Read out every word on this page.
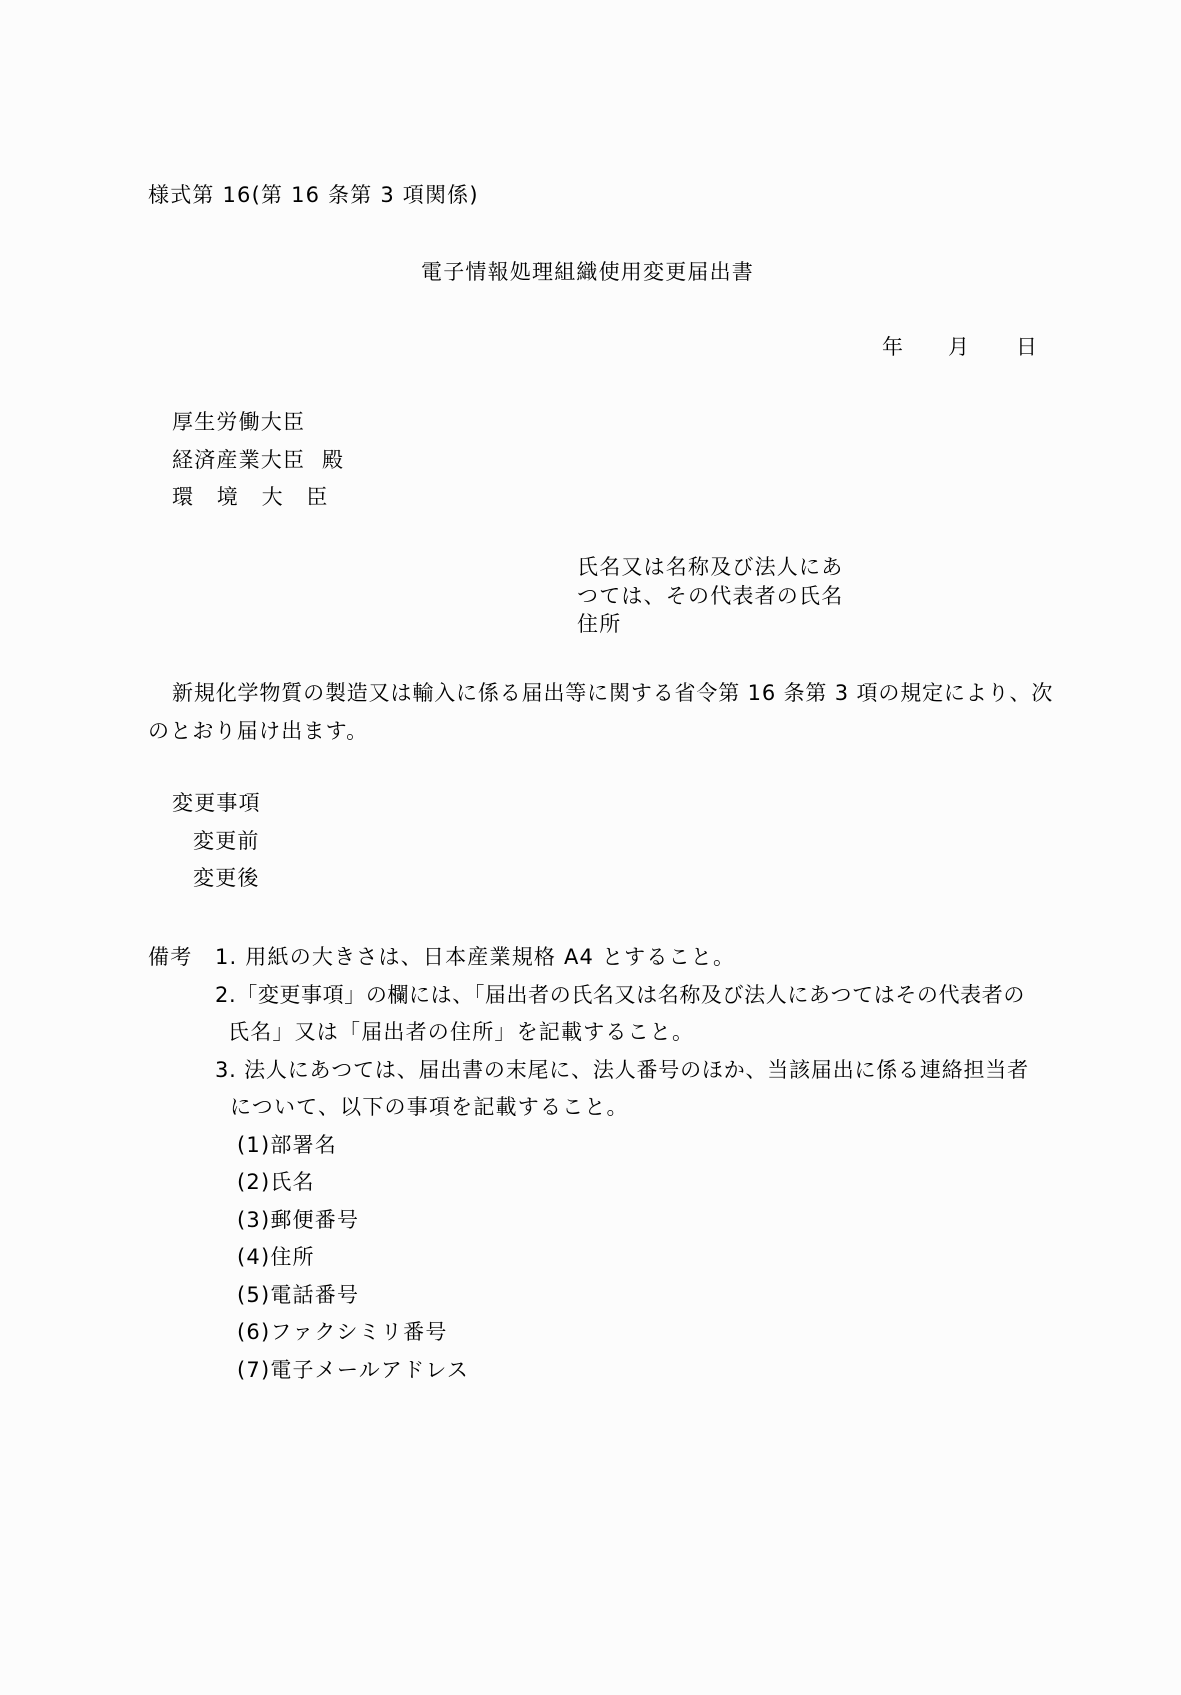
様式第 16(第 16 条第 3 項関係)
電子情報処理組織使用変更届出書
年 月 日
厚生労働大臣
経済産業大臣 殿
環　境　大　臣
氏名又は名称及び法人にあ
つては、その代表者の氏名
住所
新規化学物質の製造又は輸入に係る届出等に関する省令第 16 条第 3 項の規定により、次
のとおり届け出ます。
変更事項
変更前
変更後
備考 1. 用紙の大きさは、日本産業規格 A4 とすること。
2.「変更事項」の欄には、「届出者の氏名又は名称及び法人にあつてはその代表者の
氏名」又は「届出者の住所」を記載すること。
3. 法人にあつては、届出書の末尾に、法人番号のほか、当該届出に係る連絡担当者
について、以下の事項を記載すること。
(1)部署名
(2)氏名
(3)郵便番号
(4)住所
(5)電話番号
(6)ファクシミリ番号
(7)電子メールアドレス
